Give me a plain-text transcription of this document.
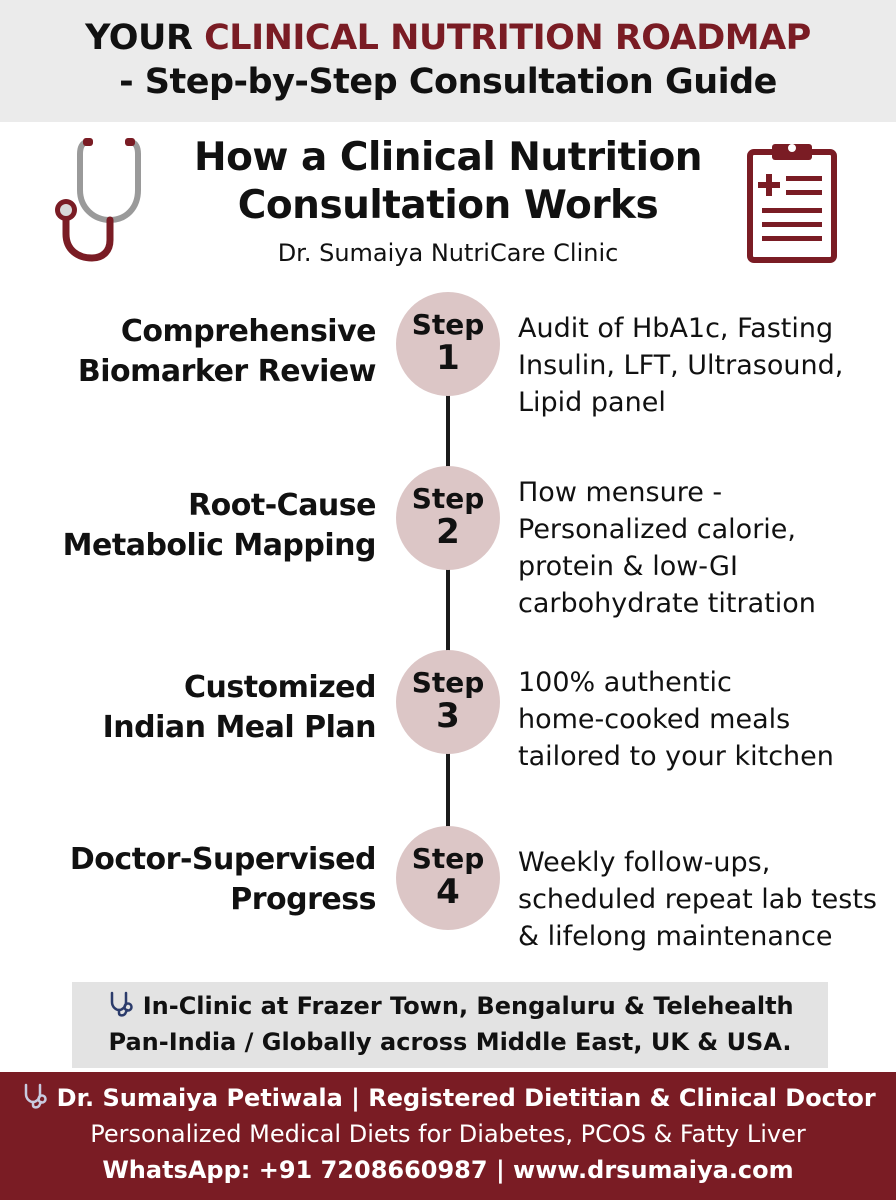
YOUR CLINICAL NUTRITION ROADMAP
- Step-by-Step Consultation Guide
How a Clinical Nutrition
Consultation Works
Dr. Sumaiya NutriCare Clinic
Comprehensive
Biomarker Review
Step
1
Audit of HbA1c, Fasting
Insulin, LFT, Ultrasound,
Lipid panel
Root-Cause
Metabolic Mapping
Step
2
Пow mensure -
Personalized calorie,
protein & low-GI
carbohydrate titration
Customized
Indian Meal Plan
Step
3
100% authentic
home-cooked meals
tailored to your kitchen
Doctor-Supervised
Progress
Step
4
Weekly follow-ups,
scheduled repeat lab tests
& lifelong maintenance
In-Clinic at Frazer Town, Bengaluru & Telehealth
Pan-India / Globally across Middle East, UK & USA.
Dr. Sumaiya Petiwala | Registered Dietitian & Clinical Doctor
Personalized Medical Diets for Diabetes, PCOS & Fatty Liver
WhatsApp: +91 7208660987 | www.drsumaiya.com
